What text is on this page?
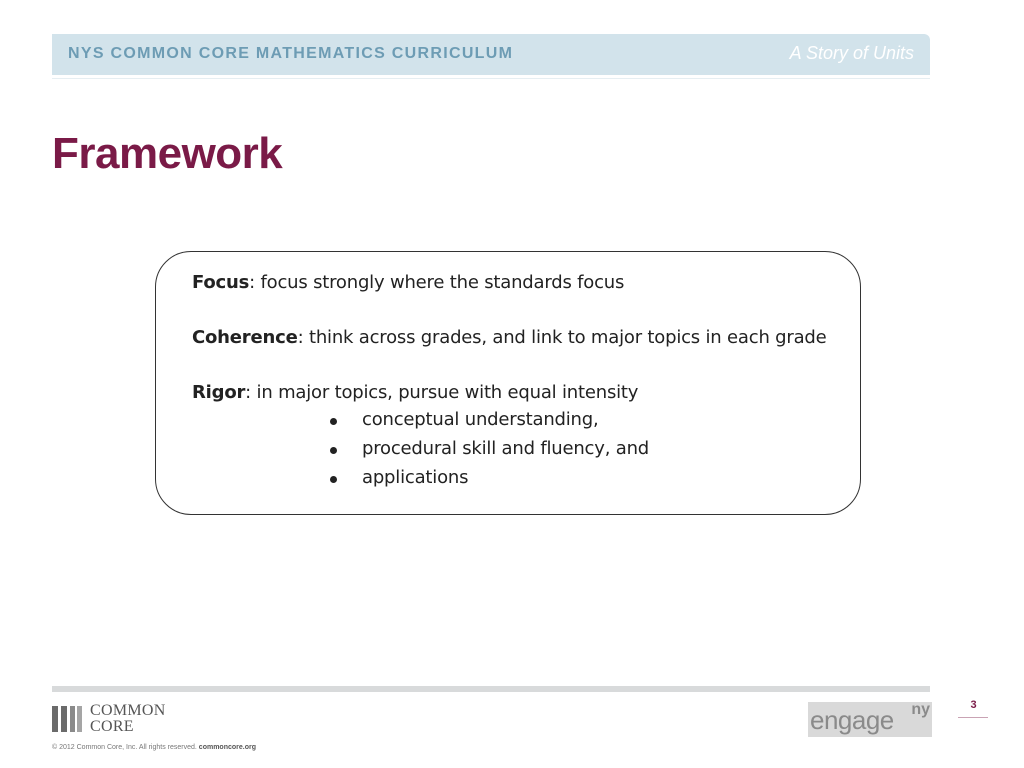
NYS COMMON CORE MATHEMATICS CURRICULUM	A Story of Units
Framework
Focus: focus strongly where the standards focus
Coherence: think across grades, and link to major topics in each grade
Rigor: in major topics, pursue with equal intensity
conceptual understanding,
procedural skill and fluency, and
applications
COMMON
CORE
© 2012 Common Core, Inc. All rights reserved. commoncore.org
engage ny	3
